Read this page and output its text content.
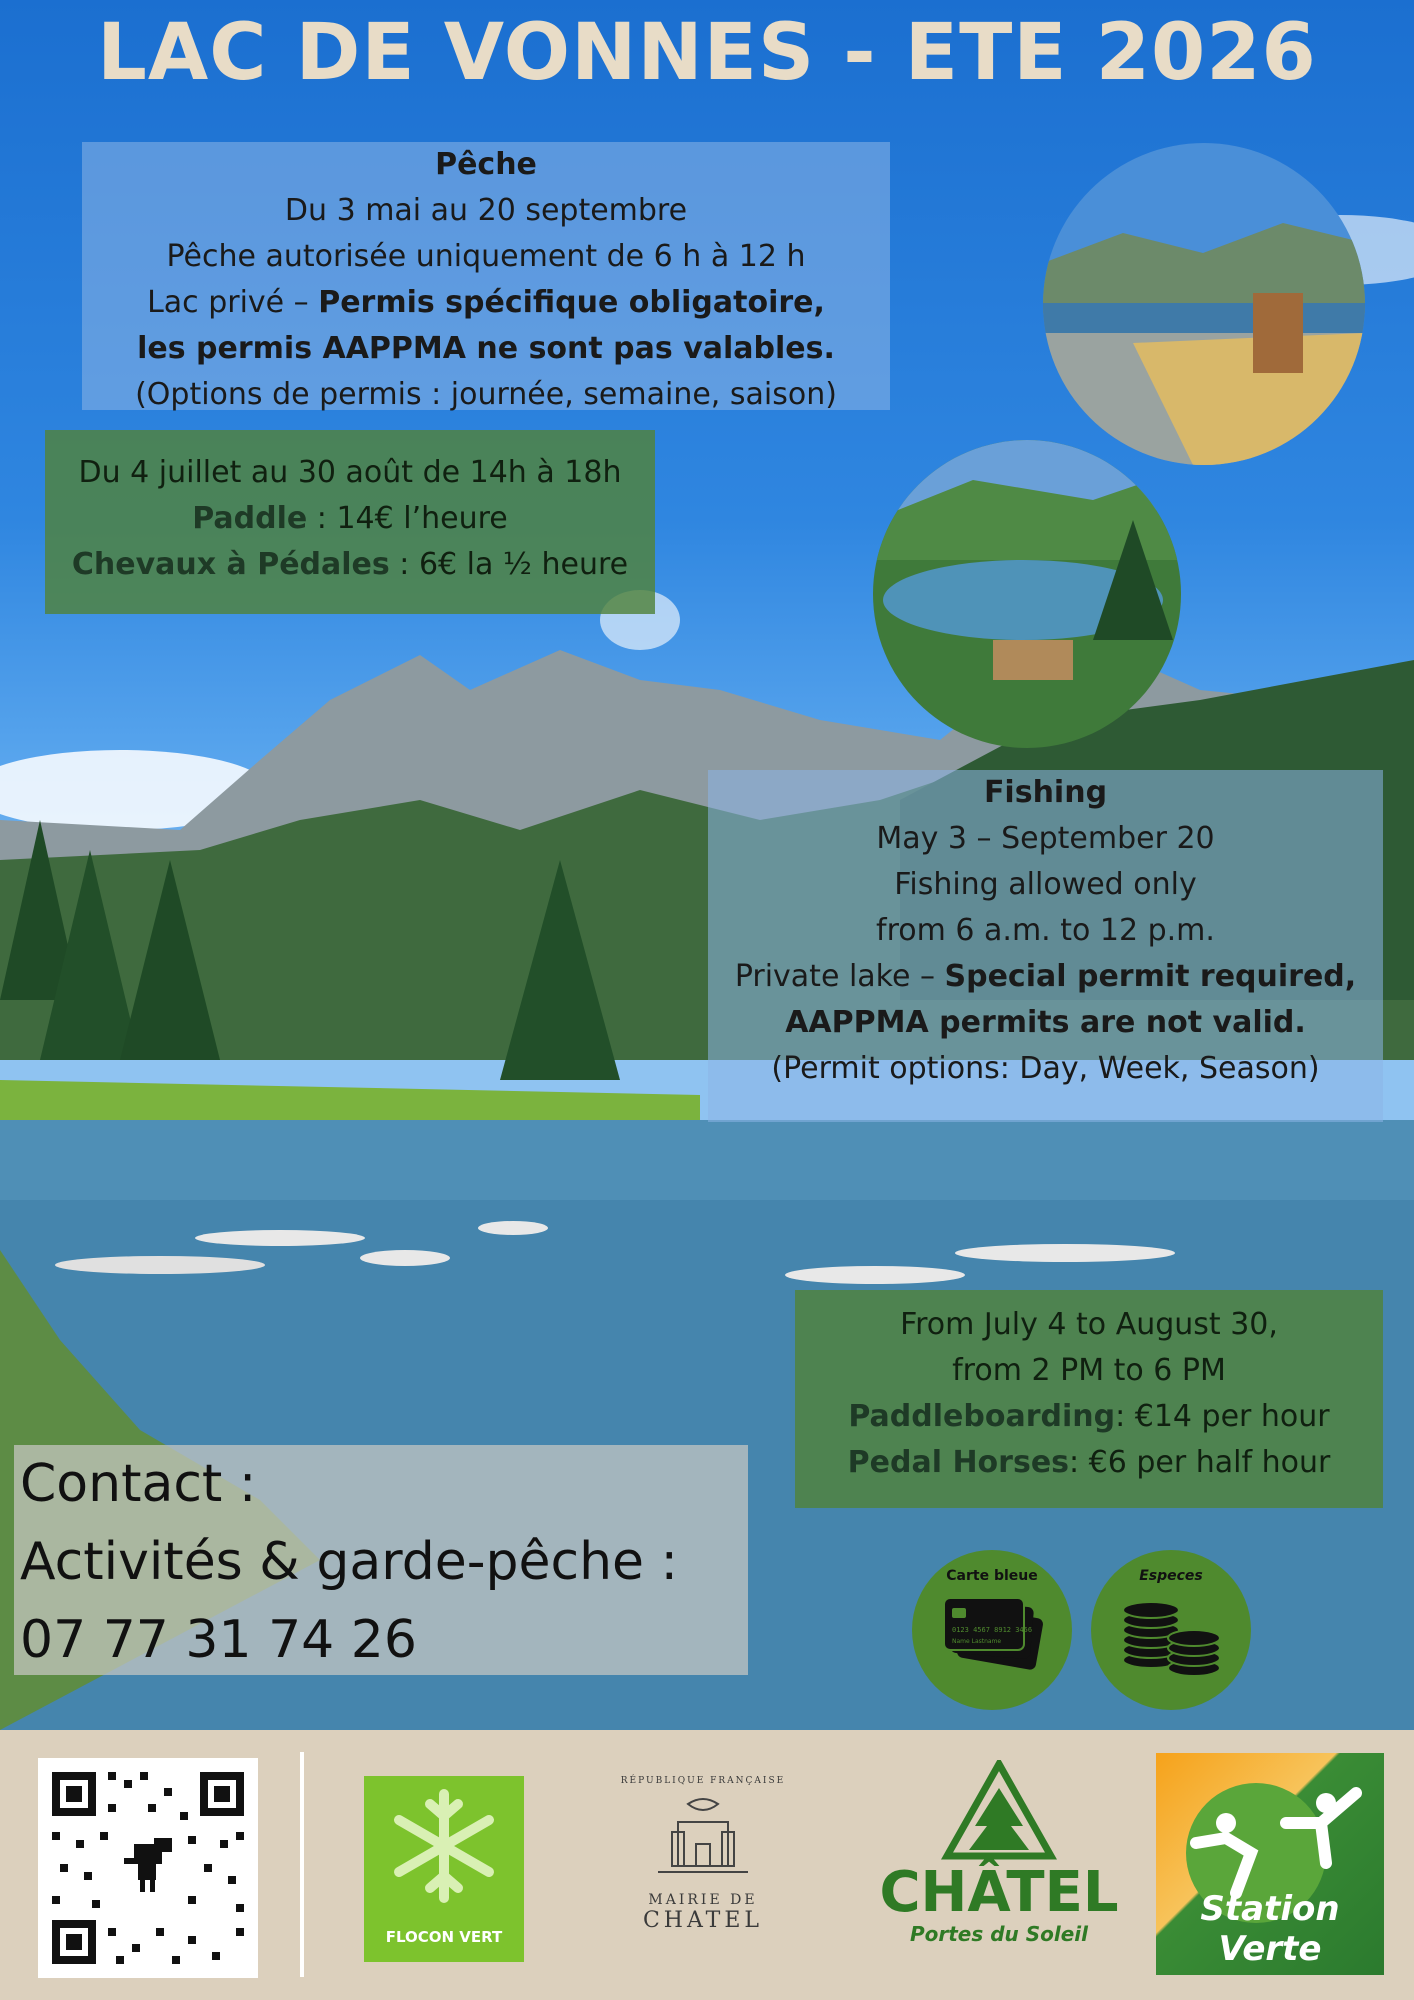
LAC DE VONNES - ETE 2026
Pêche
Du 3 mai au 20 septembre
Pêche autorisée uniquement de 6 h à 12 h
Lac privé – Permis spécifique obligatoire,
les permis AAPPMA ne sont pas valables.
(Options de permis : journée, semaine, saison)
Du 4 juillet au 30 août de 14h à 18h
Paddle : 14€ l’heure
Chevaux à Pédales : 6€ la ½ heure
Fishing
May 3 – September 20
Fishing allowed only
from 6 a.m. to 12 p.m.
Private lake – Special permit required,
AAPPMA permits are not valid.
(Permit options: Day, Week, Season)
From July 4 to August 30,
from 2 PM to 6 PM
Paddleboarding: €14 per hour
Pedal Horses: €6 per half hour
Contact :
Activités & garde-pêche :
07 77 31 74 26
Carte bleue
0123 4567 8912 3456
Name Lastname
Especes
FLOCON VERT
RÉPUBLIQUE FRANÇAISE
MAIRIE DE
CHATEL	CHÂTEL
Portes du Soleil
Station Verte
